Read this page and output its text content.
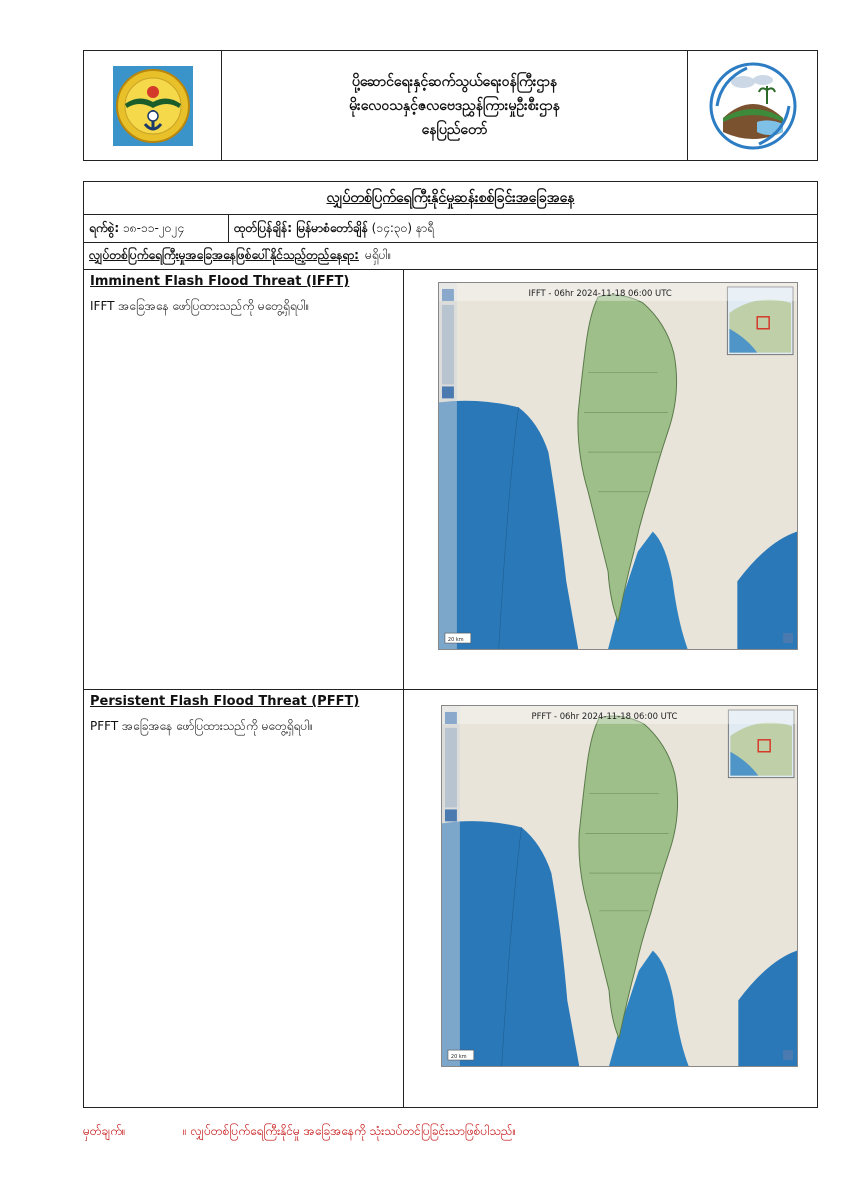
ပို့ဆောင်ရေးနှင့်ဆက်သွယ်ရေးဝန်ကြီးဌာန
မိုးလေဝသနှင့်ဇလဗေဒညွှန်ကြားမှုဦးစီးဌာန
နေပြည်တော်
လျှပ်တစ်ပြက်ရေကြီးနိုင်မှုဆန်းစစ်ခြင်းအခြေအနေ
ရက်စွဲ:
၁၈-၁၁-၂၀၂၄	ထုတ်ပြန်ချိန်: မြန်မာစံတော်ချိန်
(၁၄:၃၀) နာရီ
လျှပ်တစ်ပြက်ရေကြီးမှုအခြေအနေဖြစ်ပေါ်နိုင်သည့်တည်နေရာ: မရှိပါ။
Imminent Flash Flood Threat (IFFT)
IFFT အခြေအနေ ဖော်ပြထားသည်ကို မတွေ့ရှိရပါ။
IFFT - 06hr 2024-11-18 06:00 UTC
20 km
Persistent Flash Flood Threat (PFFT)
PFFT အခြေအနေ ဖော်ပြထားသည်ကို မတွေ့ရှိရပါ။
PFFT - 06hr 2024-11-18 06:00 UTC
20 km
မှတ်ချက်။	။ လျှပ်တစ်ပြက်ရေကြီးနိုင်မှု အခြေအနေကို သုံးသပ်တင်ပြခြင်းသာဖြစ်ပါသည်။
